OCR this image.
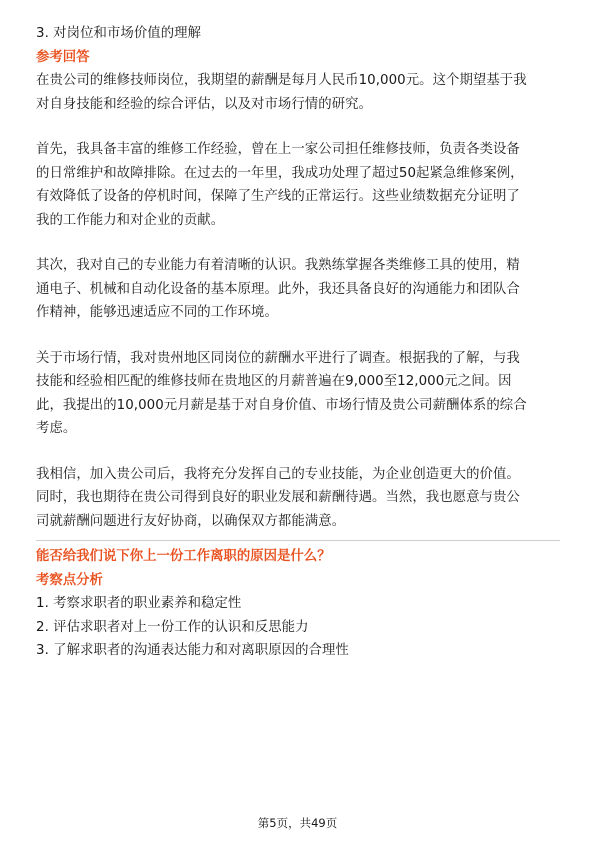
3. 对岗位和市场价值的理解
参考回答
在贵公司的维修技师岗位，我期望的薪酬是每月人民币10,000元。这个期望基于我
对自身技能和经验的综合评估，以及对市场行情的研究。
首先，我具备丰富的维修工作经验，曾在上一家公司担任维修技师，负责各类设备
的日常维护和故障排除。在过去的一年里，我成功处理了超过50起紧急维修案例，
有效降低了设备的停机时间，保障了生产线的正常运行。这些业绩数据充分证明了
我的工作能力和对企业的贡献。
其次，我对自己的专业能力有着清晰的认识。我熟练掌握各类维修工具的使用，精
通电子、机械和自动化设备的基本原理。此外，我还具备良好的沟通能力和团队合
作精神，能够迅速适应不同的工作环境。
关于市场行情，我对贵州地区同岗位的薪酬水平进行了调查。根据我的了解，与我
技能和经验相匹配的维修技师在贵地区的月薪普遍在9,000至12,000元之间。因
此，我提出的10,000元月薪是基于对自身价值、市场行情及贵公司薪酬体系的综合
考虑。
我相信，加入贵公司后，我将充分发挥自己的专业技能，为企业创造更大的价值。
同时，我也期待在贵公司得到良好的职业发展和薪酬待遇。当然，我也愿意与贵公
司就薪酬问题进行友好协商，以确保双方都能满意。
能否给我们说下你上一份工作离职的原因是什么？
考察点分析
1. 考察求职者的职业素养和稳定性
2. 评估求职者对上一份工作的认识和反思能力
3. 了解求职者的沟通表达能力和对离职原因的合理性
第5页，共49页
